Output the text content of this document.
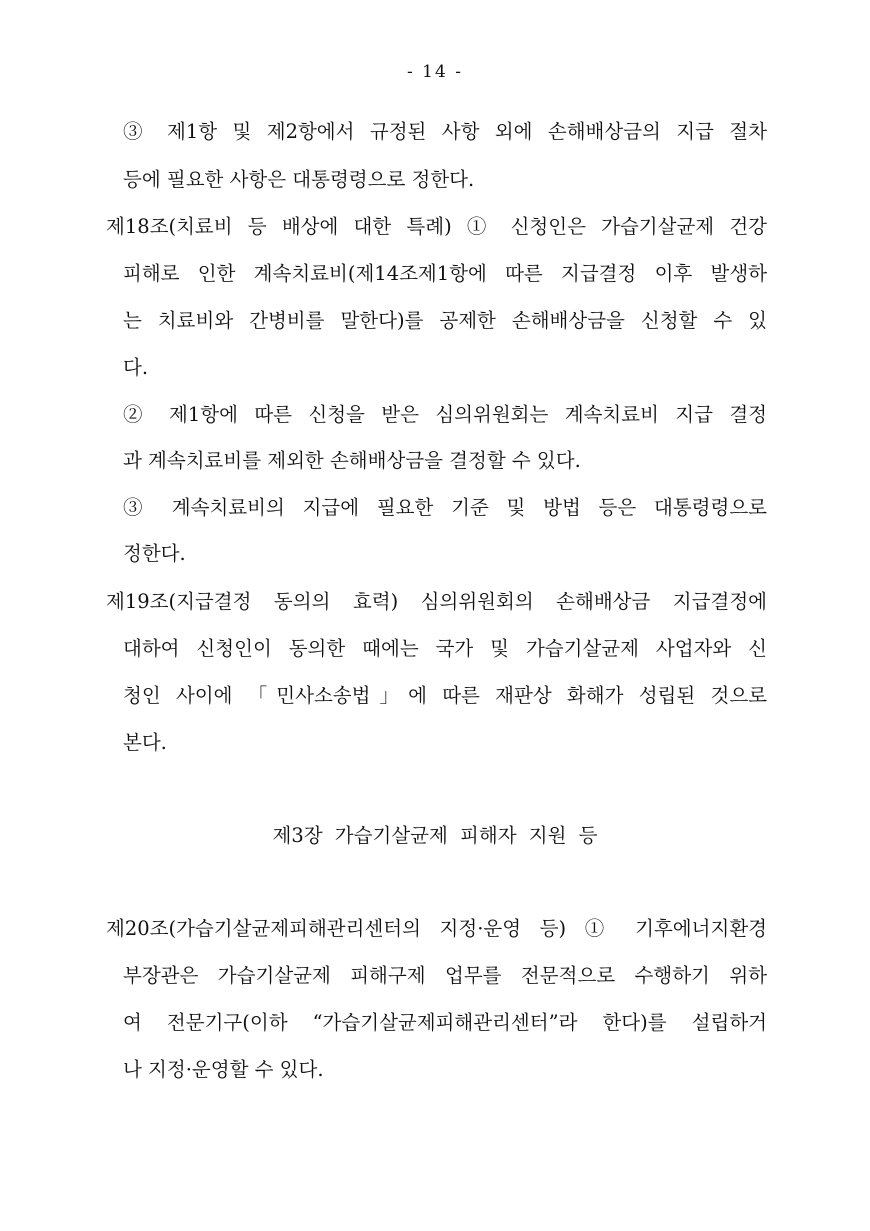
- 14 -
③ 제1항 및 제2항에서 규정된 사항 외에 손해배상금의 지급 절차
등에 필요한 사항은 대통령령으로 정한다.
제18조(치료비 등 배상에 대한 특례) ① 신청인은 가습기살균제 건강
피해로 인한 계속치료비(제14조제1항에 따른 지급결정 이후 발생하
는 치료비와 간병비를 말한다)를 공제한 손해배상금을 신청할 수 있
다.
② 제1항에 따른 신청을 받은 심의위원회는 계속치료비 지급 결정
과 계속치료비를 제외한 손해배상금을 결정할 수 있다.
③ 계속치료비의 지급에 필요한 기준 및 방법 등은 대통령령으로
정한다.
제19조(지급결정 동의의 효력) 심의위원회의 손해배상금 지급결정에
대하여 신청인이 동의한 때에는 국가 및 가습기살균제 사업자와 신
청인 사이에 「민사소송법」에 따른 재판상 화해가 성립된 것으로
본다.
제3장 가습기살균제 피해자 지원 등
제20조(가습기살균제피해관리센터의 지정·운영 등) ① 기후에너지환경
부장관은 가습기살균제 피해구제 업무를 전문적으로 수행하기 위하
여 전문기구(이하 “가습기살균제피해관리센터”라 한다)를 설립하거
나 지정·운영할 수 있다.
